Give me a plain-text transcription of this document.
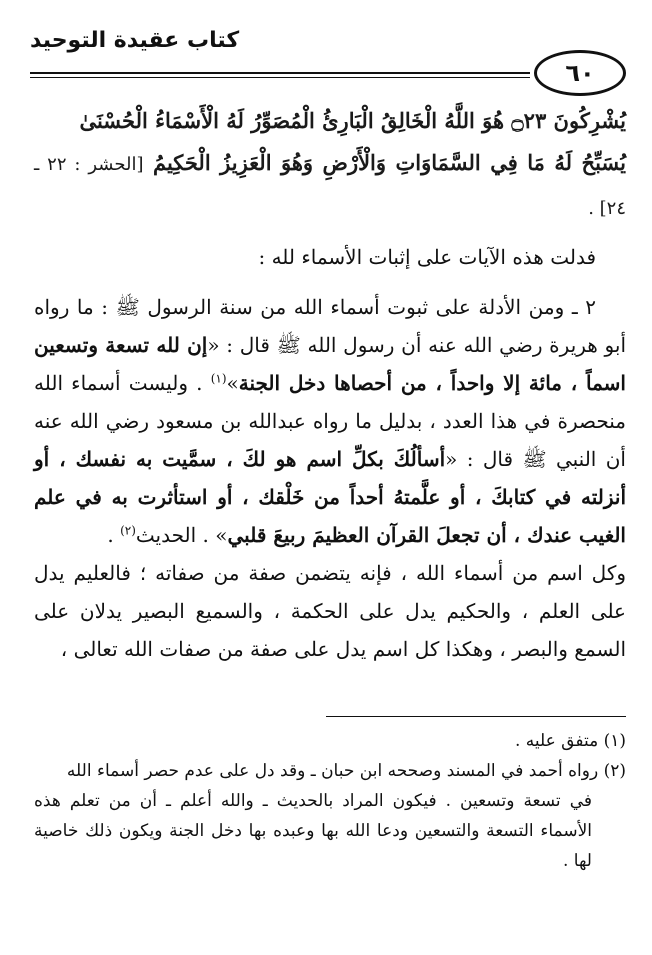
كتاب عقيدة التوحيد
٦٠
يُشْرِكُونَ ۝٢٣ هُوَ اللَّهُ الْخَالِقُ الْبَارِئُ الْمُصَوِّرُ لَهُ الْأَسْمَاءُ الْحُسْنَىٰ
يُسَبِّحُ لَهُ مَا فِي السَّمَاوَاتِ وَالْأَرْضِ وَهُوَ الْعَزِيزُ الْحَكِيمُ [الحشر : ٢٢ ـ ٢٤] .
فدلت هذه الآيات على إثبات الأسماء لله :
٢ ـ ومن الأدلة على ثبوت أسماء الله من سنة الرسول ﷺ : ما رواه أبو هريرة رضي الله عنه أن رسول الله ﷺ قال : «إن لله تسعة وتسعين اسماً ، مائة إلا واحداً ، من أحصاها دخل الجنة»$^{(١)}$ . وليست أسماء الله منحصرة في هذا العدد ، بدليل ما رواه عبدالله بن مسعود رضي الله عنه أن النبي ﷺ قال : «أسألُكَ بكلِّ اسم هو لكَ ، سمَّيت به نفسك ، أو أنزلته في كتابكَ ، أو علَّمتهُ أحداً من خَلْقك ، أو استأثرت به في علم الغيب عندك ، أن تجعلَ القرآن العظيمَ ربيعَ قلبي» . الحديث$^{(٢)}$ .
وكل اسم من أسماء الله ، فإنه يتضمن صفة من صفاته ؛ فالعليم يدل على العلم ، والحكيم يدل على الحكمة ، والسميع البصير يدلان على السمع والبصر ، وهكذا كل اسم يدل على صفة من صفات الله تعالى ،

(١) متفق عليه .

(٢) رواه أحمد في المسند وصححه ابن حبان ـ وقد دل على عدم حصر أسماء الله

في تسعة وتسعين . فيكون المراد بالحديث ـ والله أعلم ـ أن من تعلم هذه الأسماء التسعة والتسعين ودعا الله بها وعبده بها دخل الجنة ويكون ذلك خاصية لها .
